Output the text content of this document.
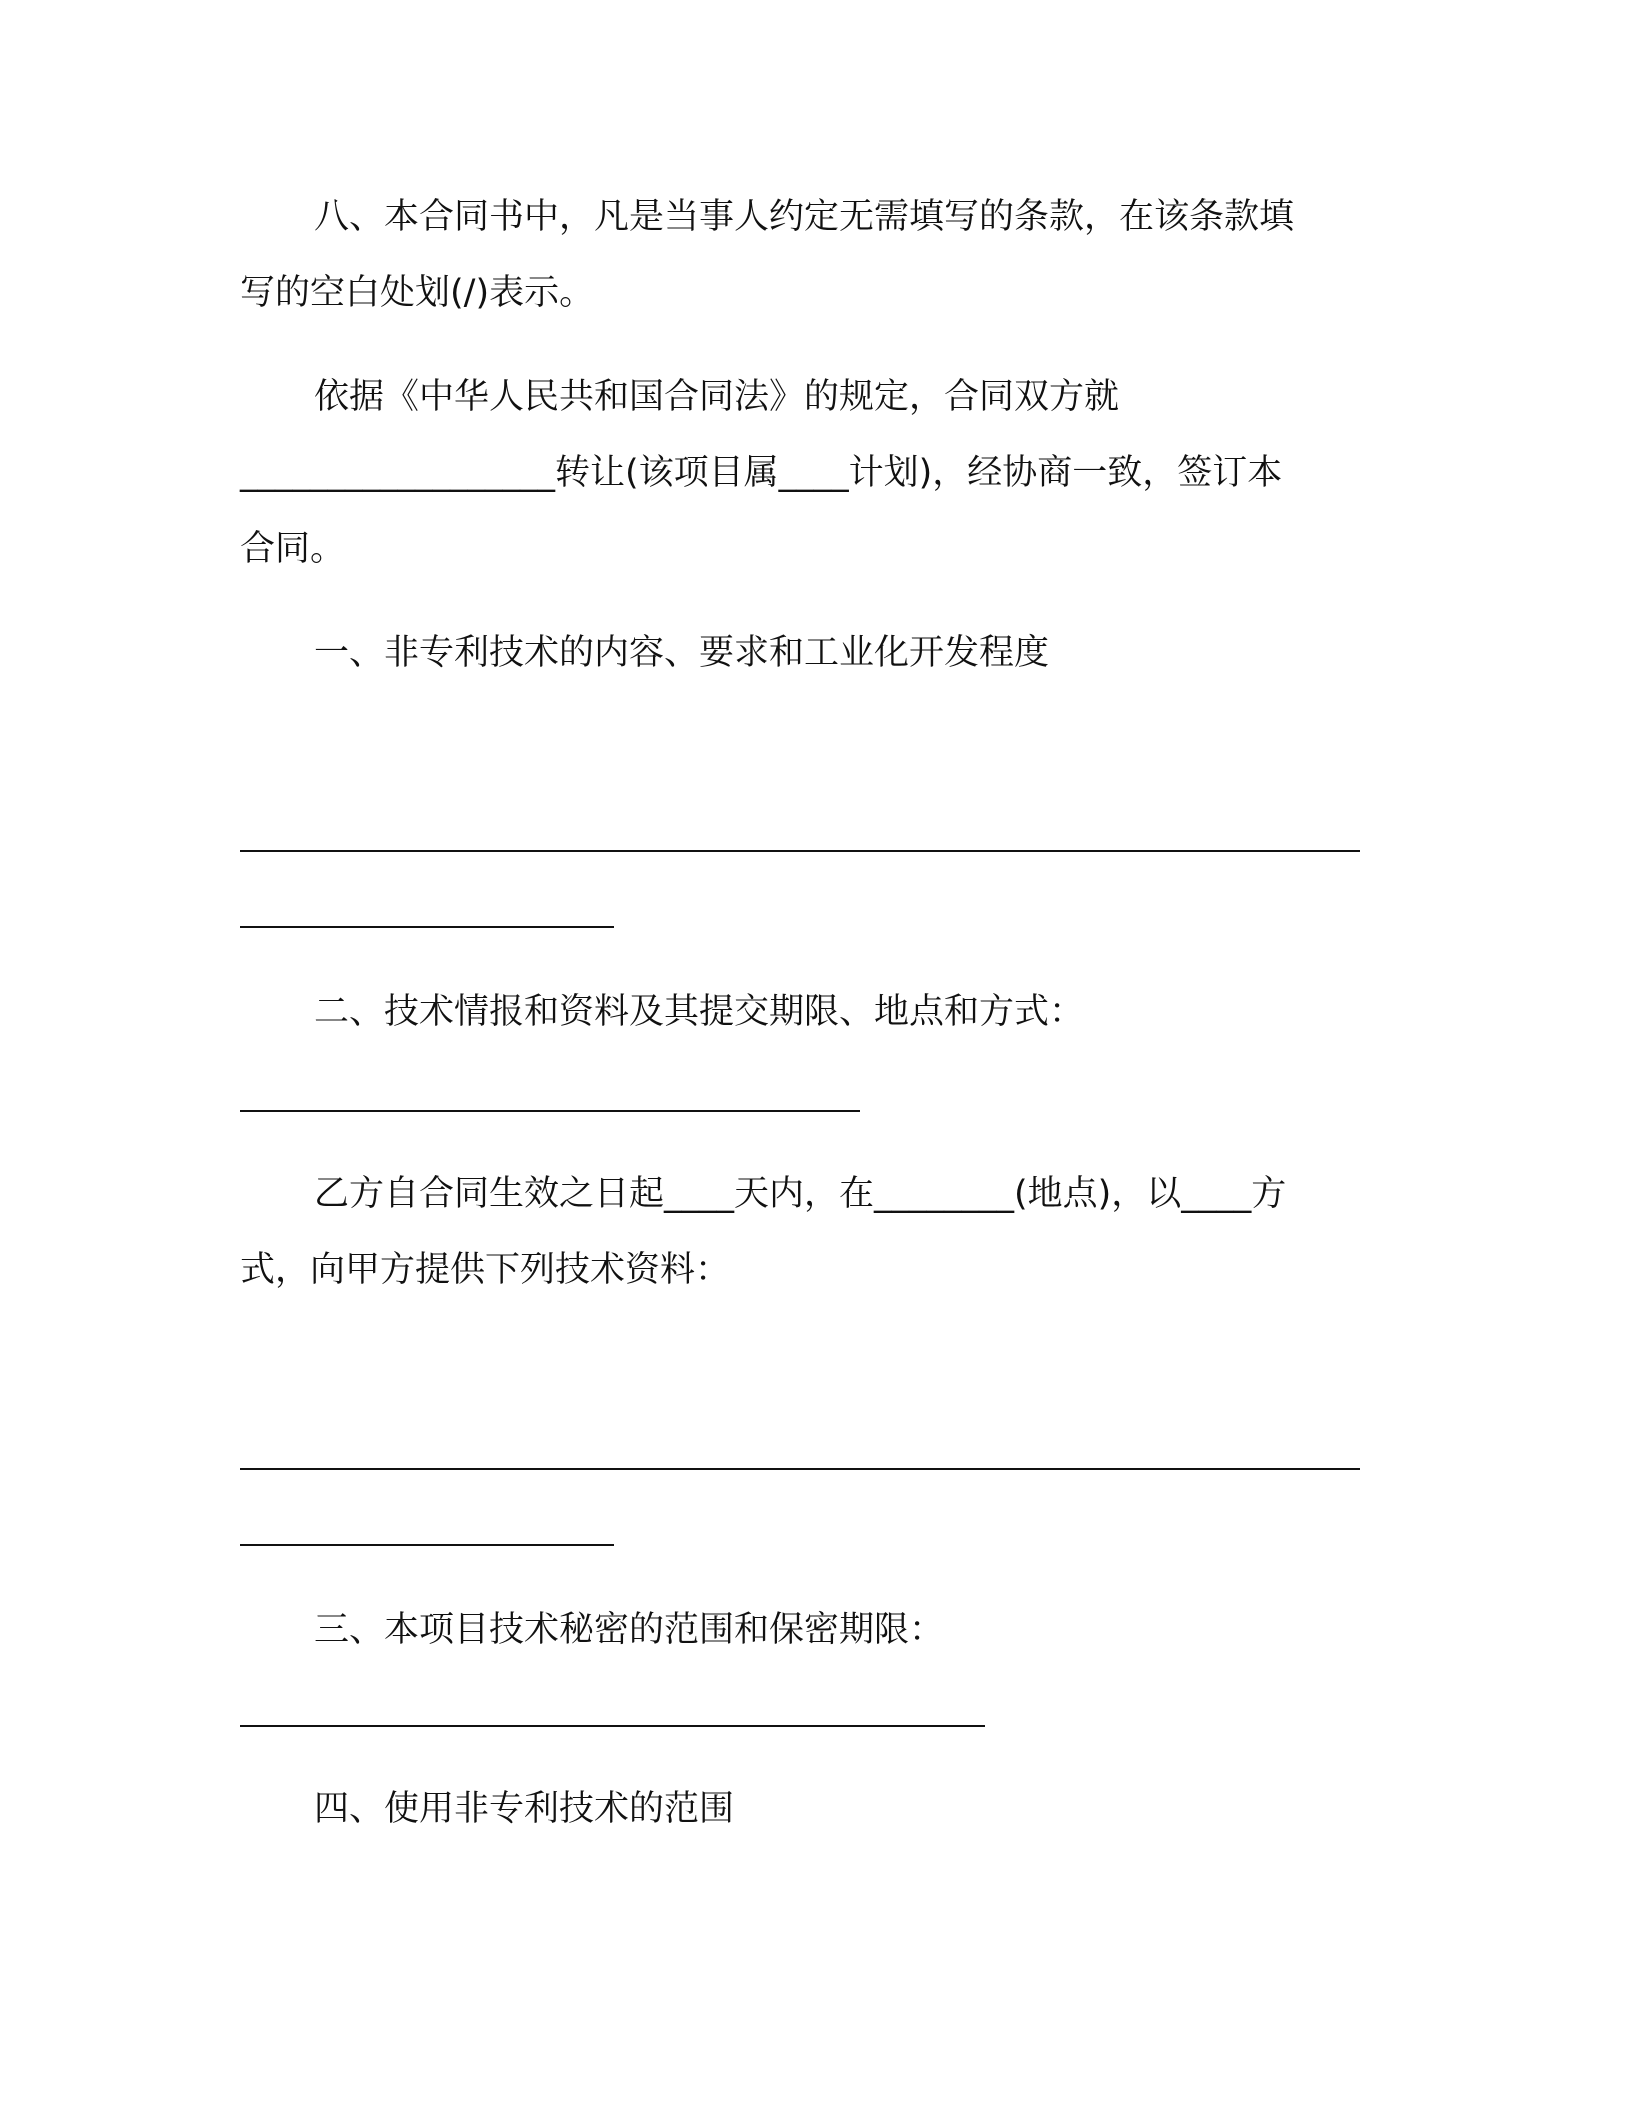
八、本合同书中，凡是当事人约定无需填写的条款，在该条款填
写的空白处划(/)表示。
依据《中华人民共和国合同法》的规定，合同双方就
__________________转让(该项目属____计划)，经协商一致，签订本
合同。
一、非专利技术的内容、要求和工业化开发程度
二、技术情报和资料及其提交期限、地点和方式：
乙方自合同生效之日起____天内，在________(地点)，以____方
式，向甲方提供下列技术资料：
三、本项目技术秘密的范围和保密期限：
四、使用非专利技术的范围
